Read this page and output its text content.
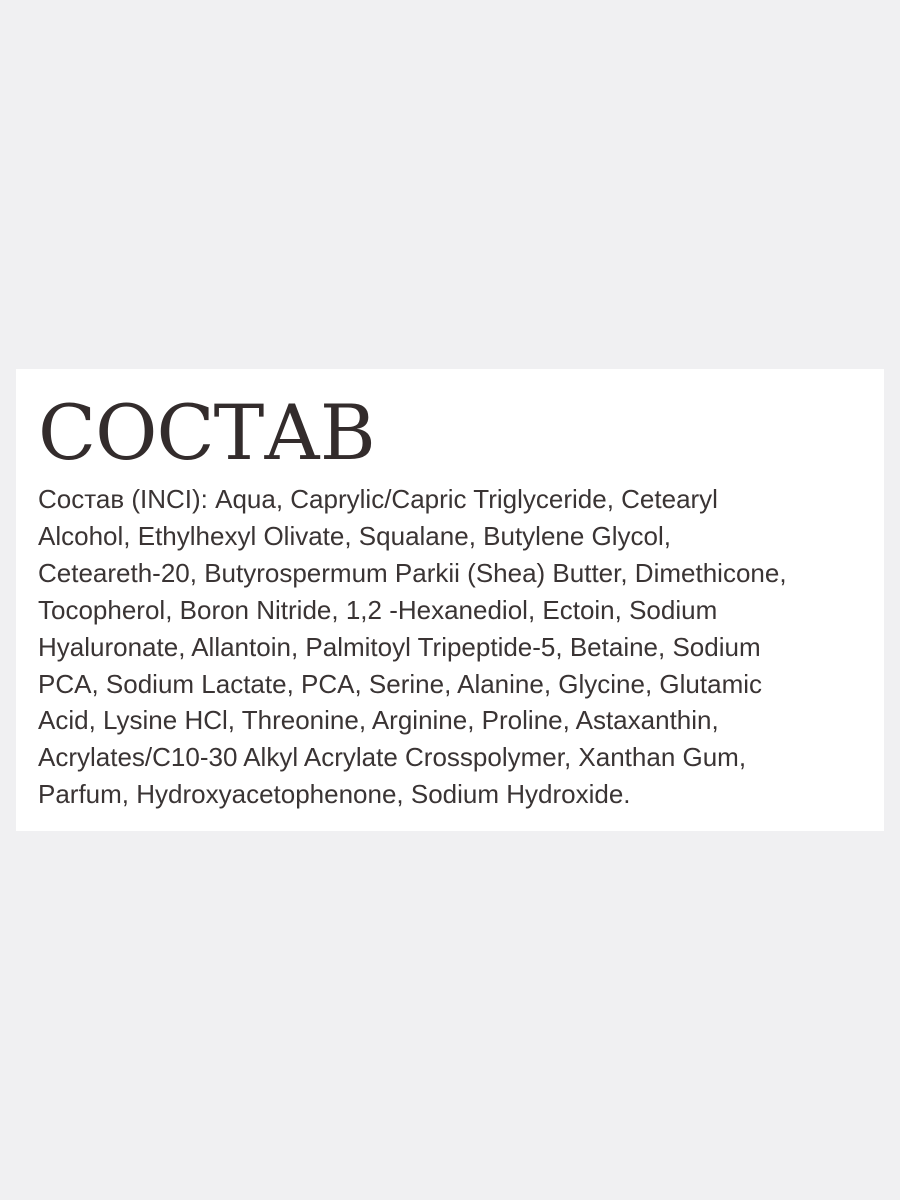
СОСТАВ
Состав (INCI): Aqua, Caprylic/Capric Triglyceride, Cetearyl
Alcohol, Ethylhexyl Olivate, Squalane, Butylene Glycol,
Ceteareth-20, Butyrospermum Parkii (Shea) Butter, Dimethicone,
Tocopherol, Boron Nitride, 1,2 -Hexanediol, Ectoin, Sodium
Hyaluronate, Allantoin, Palmitoyl Tripeptide-5, Betaine, Sodium
PCA, Sodium Lactate, PCA, Serine, Alanine, Glycine, Glutamic
Acid, Lysine HCl, Threonine, Arginine, Proline, Astaxanthin,
Acrylates/C10-30 Alkyl Acrylate Crosspolymer, Xanthan Gum,
Parfum, Hydroxyacetophenone, Sodium Hydroxide.
